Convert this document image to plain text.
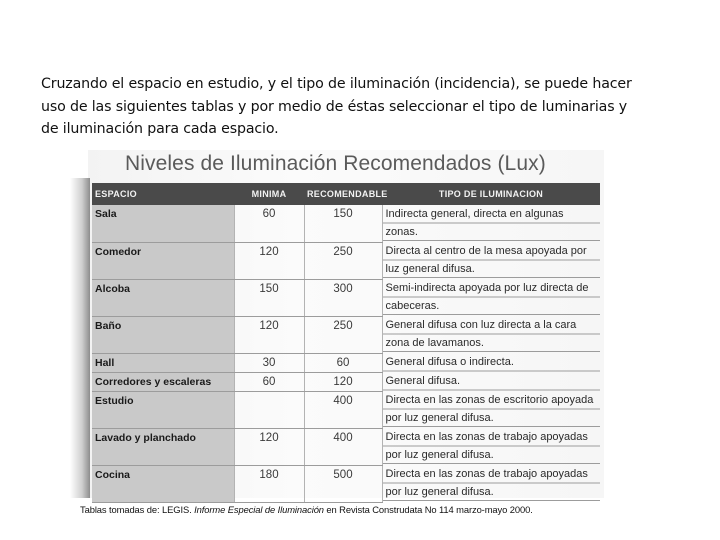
Cruzando el espacio en estudio, y el tipo de iluminación (incidencia), se puede hacer
uso de las siguientes tablas y por medio de éstas seleccionar el tipo de luminarias y
de iluminación para cada espacio.

Niveles de Iluminación Recomendados (Lux)
ESPACIO	MINIMA	RECOMENDABLE	TIPO DE ILUMINACION
Sala	60	150	Indirecta general, directa en algunas zonas.
Comedor	120	250	Directa al centro de la mesa apoyada por luz general difusa.
Alcoba	150	300	Semi-indirecta apoyada por luz directa de cabeceras.
Baño	120	250	General difusa con luz directa a la cara zona de lavamanos.
Hall	30	60	General difusa o indirecta.
Corredores y escaleras	60	120	General difusa.
Estudio		400	Directa en las zonas de escritorio apoyada por luz general difusa.
Lavado y planchado	120	400	Directa en las zonas de trabajo apoyadas por luz general difusa.
Cocina	180	500	Directa en las zonas de trabajo apoyadas por luz general difusa.
Tablas tomadas de: LEGIS. Informe Especial de Iluminación en Revista Construdata No 114 marzo-mayo 2000.
